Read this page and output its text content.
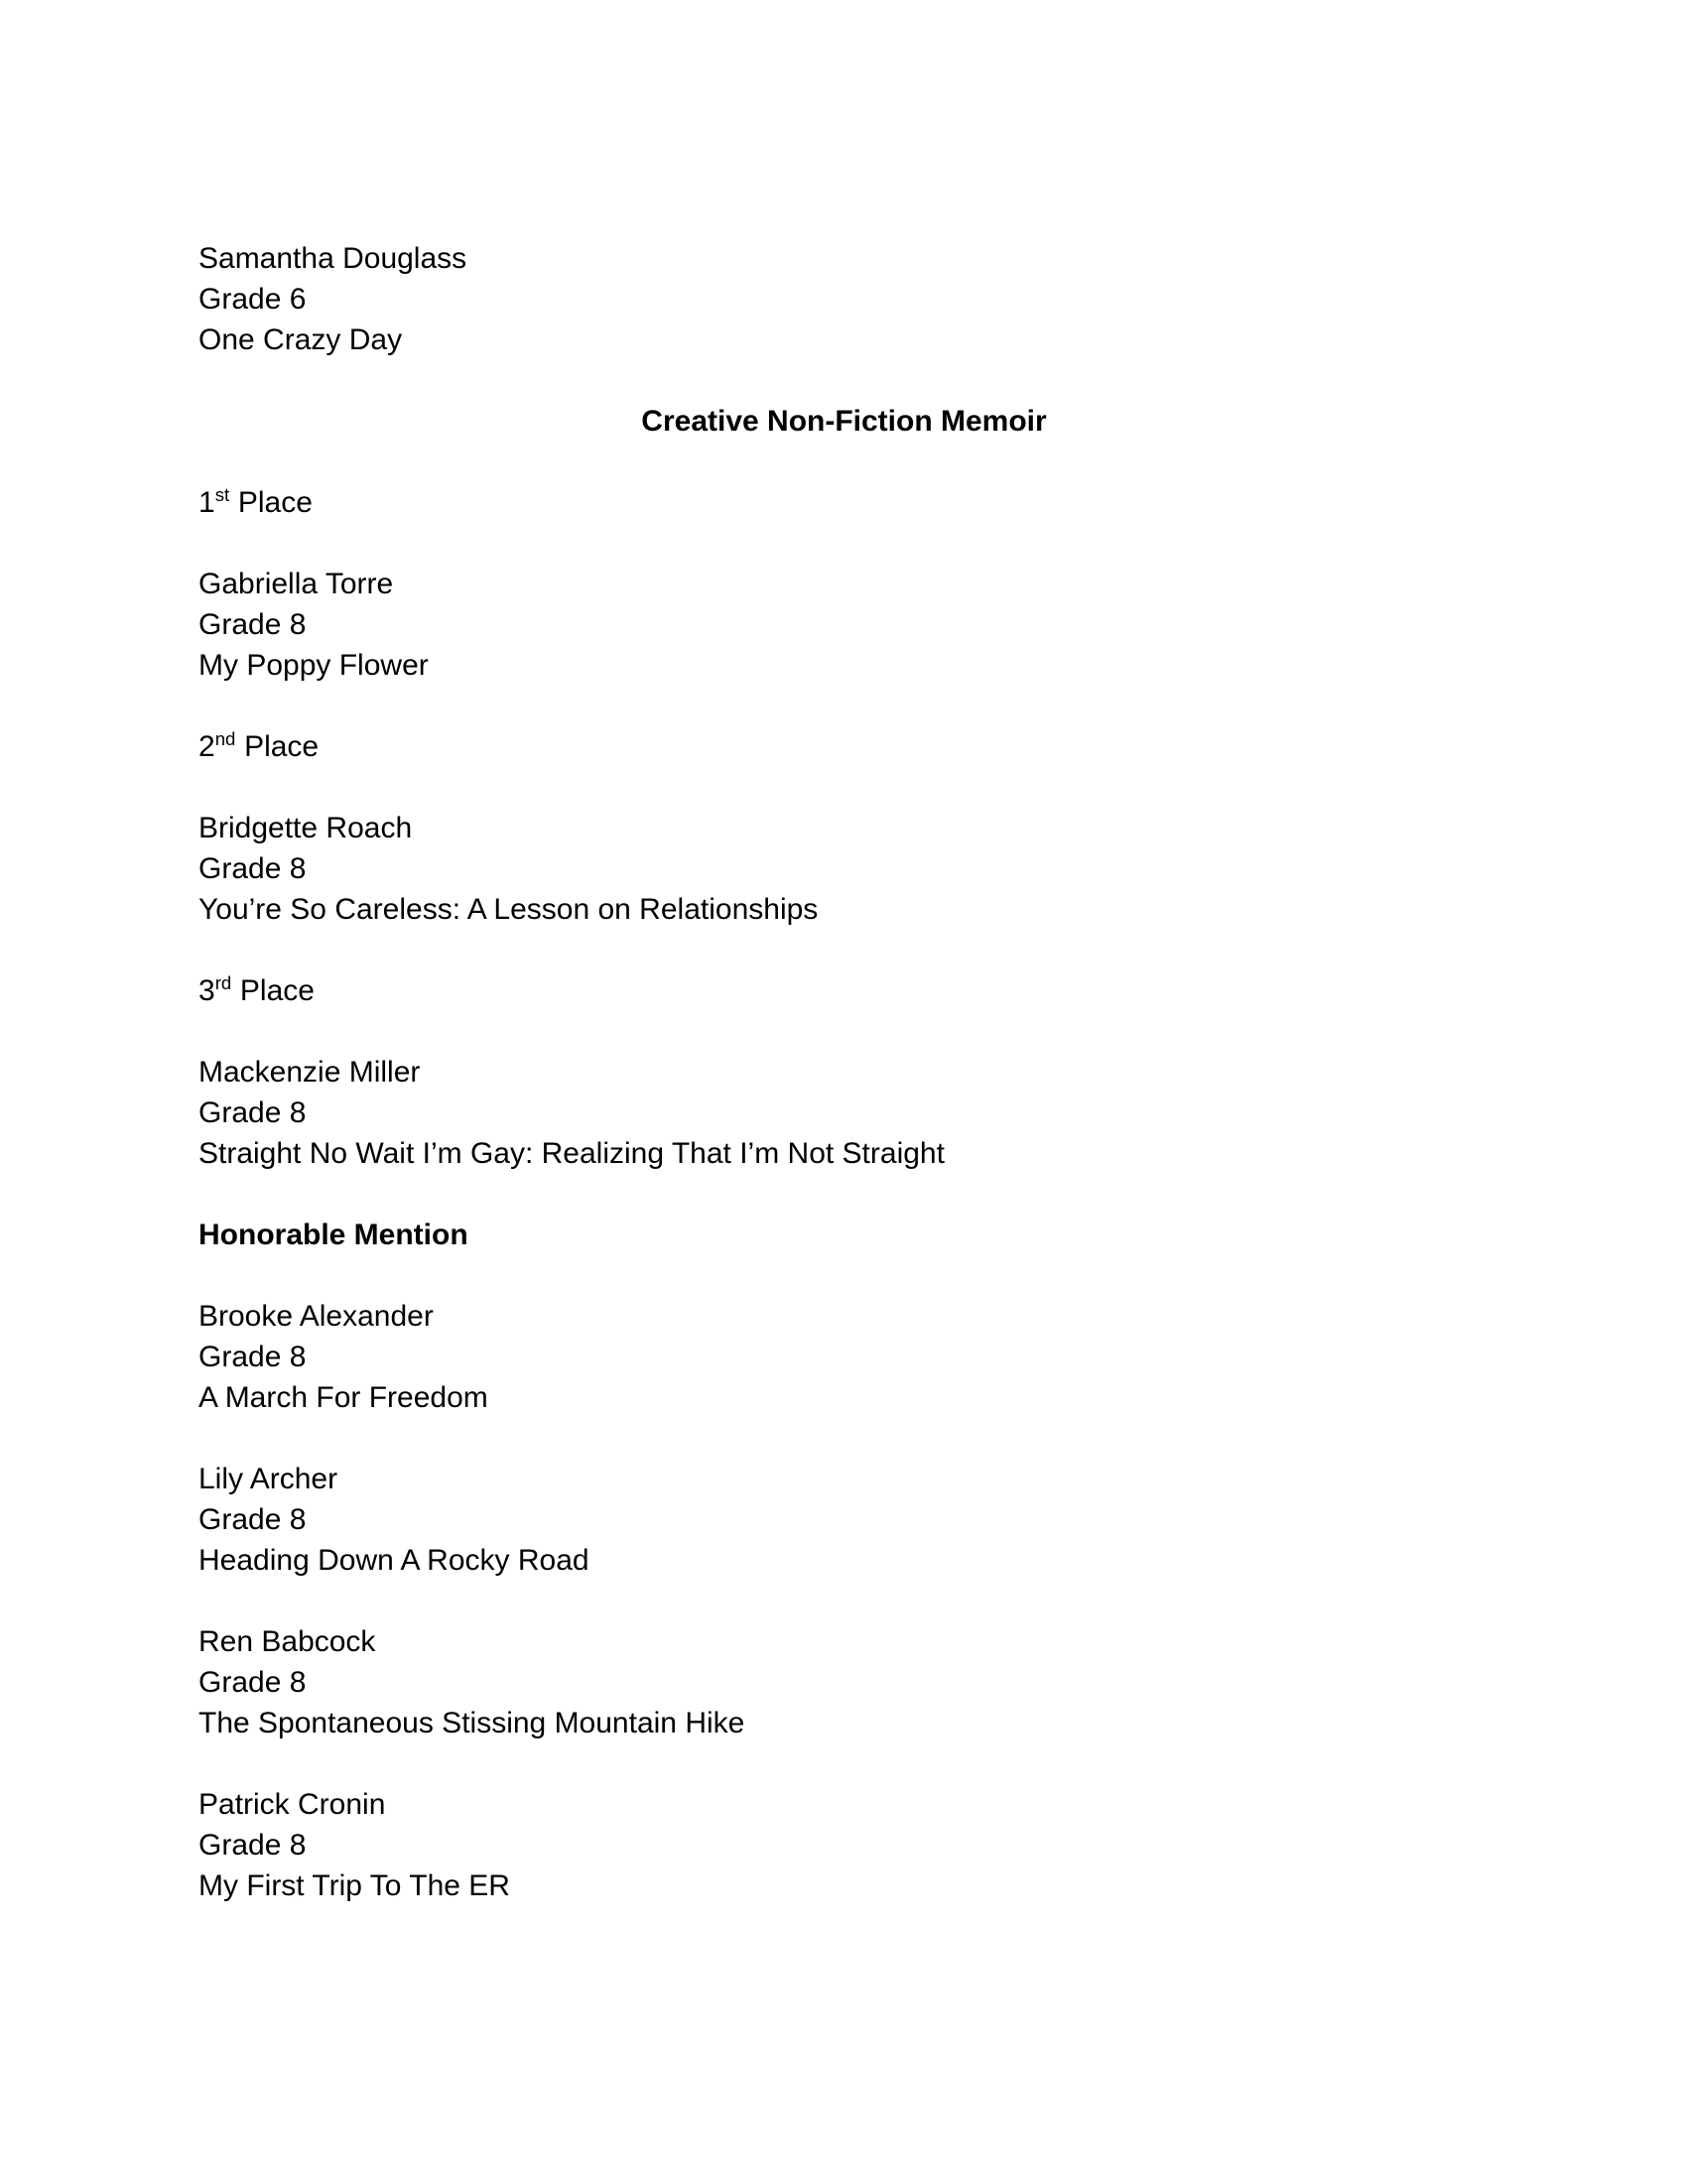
Samantha Douglass
Grade 6
One Crazy Day
Creative Non-Fiction Memoir
1st Place
Gabriella Torre
Grade 8
My Poppy Flower
2nd Place
Bridgette Roach
Grade 8
You’re So Careless: A Lesson on Relationships
3rd Place
Mackenzie Miller
Grade 8
Straight No Wait I’m Gay: Realizing That I’m Not Straight
Honorable Mention
Brooke Alexander
Grade 8
A March For Freedom
Lily Archer
Grade 8
Heading Down A Rocky Road
Ren Babcock
Grade 8
The Spontaneous Stissing Mountain Hike
Patrick Cronin
Grade 8
My First Trip To The ER
